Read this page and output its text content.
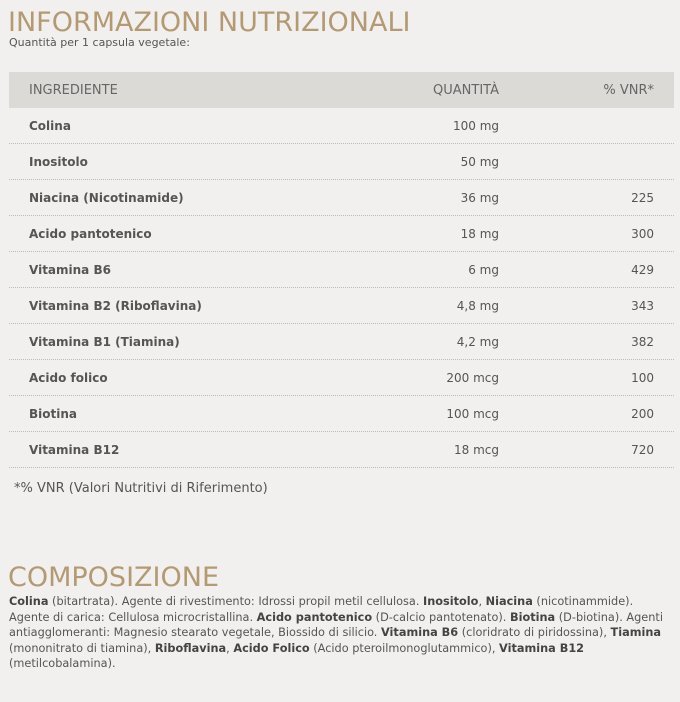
INFORMAZIONI NUTRIZIONALI
Quantità per 1 capsula vegetale:
INGREDIENTE	QUANTITÀ	% VNR*
Colina	100 mg
Inositolo	50 mg
Niacina (Nicotinamide)	36 mg	225
Acido pantotenico	18 mg	300
Vitamina B6	6 mg	429
Vitamina B2 (Riboflavina)	4,8 mg	343
Vitamina B1 (Tiamina)	4,2 mg	382
Acido folico	200 mcg	100
Biotina	100 mcg	200
Vitamina B12	18 mcg	720
*% VNR (Valori Nutritivi di Riferimento)
COMPOSIZIONE
Colina (bitartrata). Agente di rivestimento: Idrossi propil metil cellulosa. Inositolo, Niacina (nicotinammide). Agente di carica: Cellulosa microcristallina. Acido pantotenico (D-calcio pantotenato). Biotina (D-biotina). Agenti antiagglomeranti: Magnesio stearato vegetale, Biossido di silicio. Vitamina B6 (cloridrato di piridossina), Tiamina (mononitrato di tiamina), Riboflavina, Acido Folico (Acido pteroilmonoglutammico), Vitamina B12 (metilcobalamina).
